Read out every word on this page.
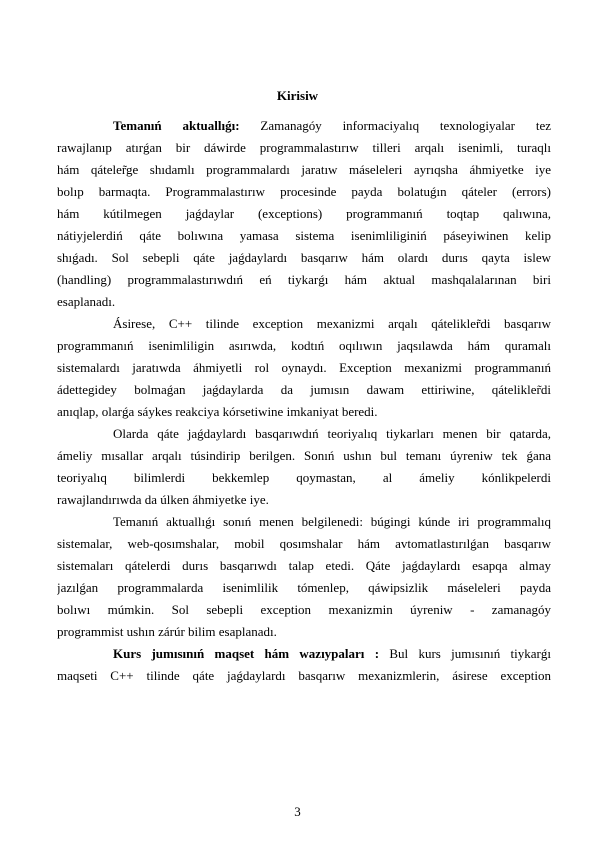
Kirisiw
Temanıń aktuallıǵı: Zamanagóy informaciyalıq texnologiyalar tez
rawajlanıp atırǵan bir dáwirde programmalastırıw tilleri arqalı isenimli, turaqlı
hám qáteler̃ge shıdamlı programmalardı jaratıw máseleleri ayrıqsha áhmiyetke iye
bolıp barmaqta. Programmalastırıw procesinde payda bolatuǵın qáteler (errors)
hám kútilmegen jaǵdaylar (exceptions) programmanıń toqtap qalıwına,
nátiyjelerdiń qáte bolıwına yamasa sistema isenimliliginiń páseyiwinen kelip
shıǵadı. Sol sebepli qáte jaǵdaylardı basqarıw hám olardı durıs qayta islew
(handling) programmalastırıwdıń eń tiykarǵı hám aktual mashqalalarınan biri
esaplanadı.
Ásirese, C++ tilinde exception mexanizmi arqalı qátelikler̃di basqarıw
programmanıń isenimliligin asırıwda, kodtıń oqılıwın jaqsılawda hám quramalı
sistemalardı jaratıwda áhmiyetli rol oynaydı. Exception mexanizmi programmanıń
ádettegidey bolmaǵan jaǵdaylarda da jumısın dawam ettiriwine, qátelikler̃di
anıqlap, olarǵa sáykes reakciya kórsetiwine imkaniyat beredi.
Olarda qáte jaǵdaylardı basqarıwdıń teoriyalıq tiykarları menen bir qatarda,
ámeliy mısallar arqalı túsindirip berilgen. Sonıń ushın bul temanı úyreniw tek ǵana
teoriyalıq bilimlerdi bekkemlep qoymastan, al ámeliy kónlikpelerdi
rawajlandırıwda da úlken áhmiyetke iye.
Temanıń aktuallıǵı sonıń menen belgilenedi: búgingi kúnde iri programmalıq
sistemalar, web-qosımshalar, mobil qosımshalar hám avtomatlastırılǵan basqarıw
sistemaları qátelerdi durıs basqarıwdı talap etedi. Qáte jaǵdaylardı esapqa almay
jazılǵan programmalarda isenimlilik tómenlep, qáwipsizlik máseleleri payda
bolıwı múmkin. Sol sebepli exception mexanizmin úyreniw - zamanagóy
programmist ushın zárúr bilim esaplanadı.
Kurs jumısınıń maqset hám wazıypaları : Bul kurs jumısınıń tiykarǵı
maqseti C++ tilinde qáte jaǵdaylardı basqarıw mexanizmlerin, ásirese exception
3
